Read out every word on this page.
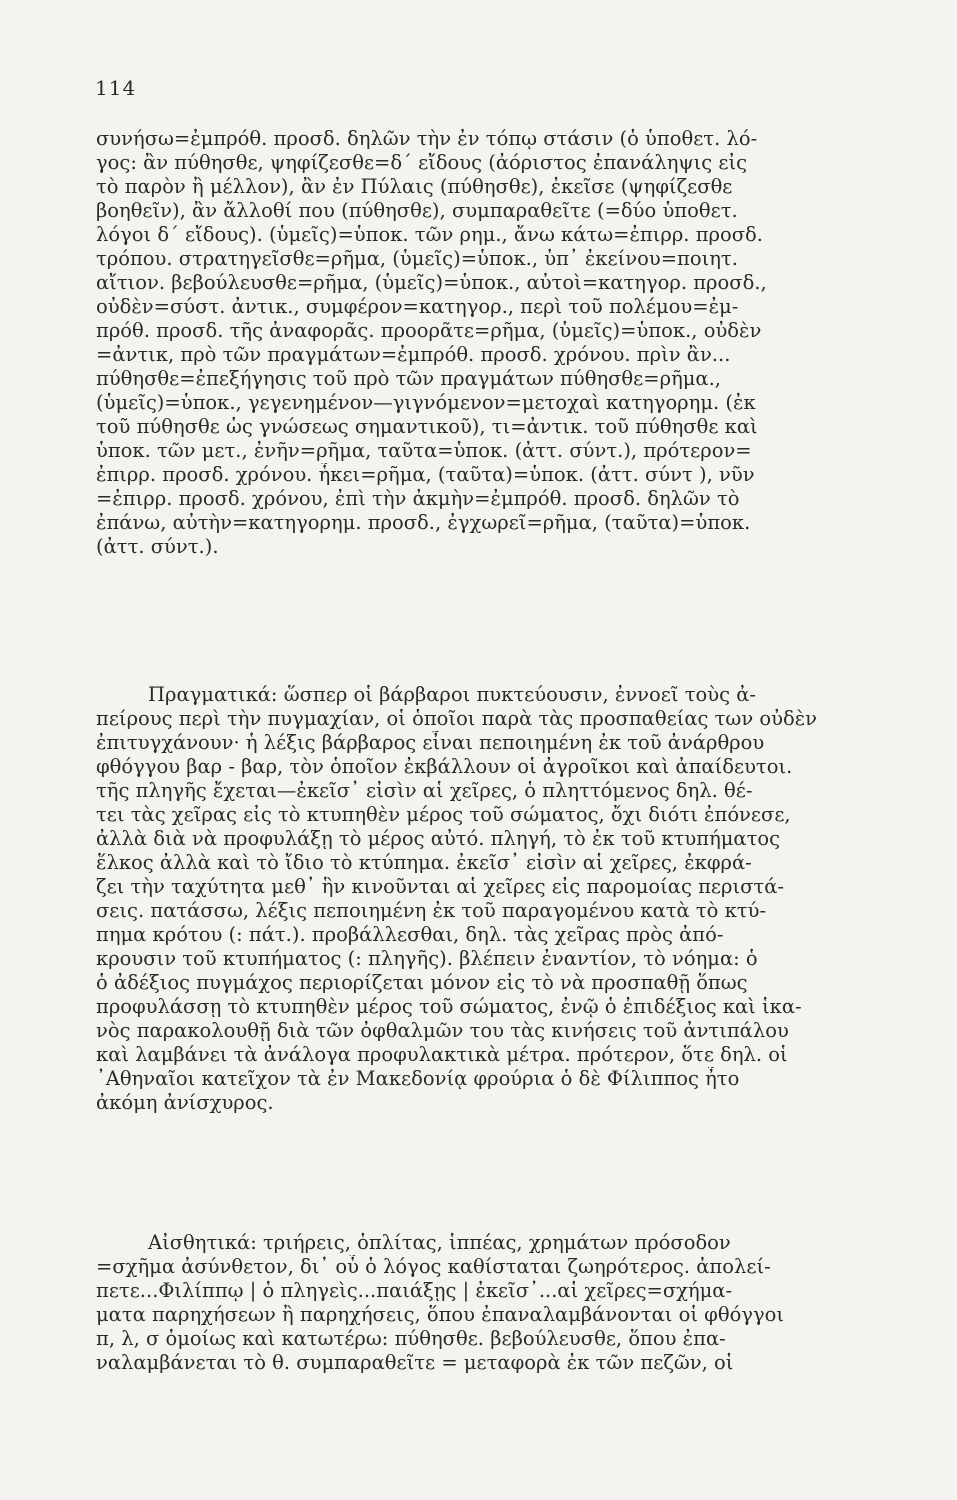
114
συνήσω=ἐμπρόθ. προσδ. δηλῶν τὴν ἐν τόπῳ στάσιν (ὁ ὑποθετ. λό-
γος: ἂν πύθησθε, ψηφίζεσθε=δ΄ εἴδους (ἀόριστος ἐπανάληψις εἰς
τὸ παρὸν ἢ μέλλον), ἂν ἐν Πύλαις (πύθησθε), ἐκεῖσε (ψηφίζεσθε
βοηθεῖν), ἂν ἄλλοθί που (πύθησθε), συμπαραθεῖτε (=δύο ὑποθετ.
λόγοι δ΄ εἴδους). (ὑμεῖς)=ὑποκ. τῶν ρημ., ἄνω κάτω=ἐπιρρ. προσδ.
τρόπου. στρατηγεῖσθε=ρῆμα, (ὑμεῖς)=ὑποκ., ὑπ᾽ ἐκείνου=ποιητ.
αἴτιον. βεβούλευσθε=ρῆμα, (ὑμεῖς)=ὑποκ., αὐτοὶ=κατηγορ. προσδ.,
οὐδὲν=σύστ. ἀντικ., συμφέρον=κατηγορ., περὶ τοῦ πολέμου=ἐμ-
πρόθ. προσδ. τῆς ἀναφορᾶς. προορᾶτε=ρῆμα, (ὑμεῖς)=ὑποκ., οὐδὲν
=ἀντικ, πρὸ τῶν πραγμάτων=ἐμπρόθ. προσδ. χρόνου. πρὶν ἂν...
πύθησθε=ἐπεξήγησις τοῦ πρὸ τῶν πραγμάτων πύθησθε=ρῆμα.,
(ὑμεῖς)=ὑποκ., γεγενημένον—γιγνόμενον=μετοχαὶ κατηγορημ. (ἐκ
τοῦ πύθησθε ὡς γνώσεως σημαντικοῦ), τι=ἀντικ. τοῦ πύθησθε καὶ
ὑποκ. τῶν μετ., ἐνῆν=ρῆμα, ταῦτα=ὑποκ. (ἀττ. σύντ.), πρότερον=
ἐπιρρ. προσδ. χρόνου. ἧκει=ρῆμα, (ταῦτα)=ὑποκ. (ἀττ. σύντ ), νῦν
=ἐπιρρ. προσδ. χρόνου, ἐπὶ τὴν ἀκμὴν=ἐμπρόθ. προσδ. δηλῶν τὸ
ἐπάνω, αὐτὴν=κατηγορημ. προσδ., ἐγχωρεῖ=ρῆμα, (ταῦτα)=ὑποκ.
(ἀττ. σύντ.).
Πραγματικά: ὥσπερ οἱ βάρβαροι πυκτεύουσιν, ἐννοεῖ τοὺς ἀ-
πείρους περὶ τὴν πυγμαχίαν, οἱ ὁποῖοι παρὰ τὰς προσπαθείας των οὐδὲν
ἐπιτυγχάνουν· ἡ λέξις βάρβαρος εἶναι πεποιημένη ἐκ τοῦ ἀνάρθρου
φθόγγου βαρ - βαρ, τὸν ὁποῖον ἐκβάλλουν οἱ ἀγροῖκοι καὶ ἀπαίδευτοι.
τῆς πληγῆς ἔχεται—ἐκεῖσ᾽ εἰσὶν αἱ χεῖρες, ὁ πληττόμενος δηλ. θέ-
τει τὰς χεῖρας εἰς τὸ κτυπηθὲν μέρος τοῦ σώματος, ὄχι διότι ἐπόνεσε,
ἀλλὰ διὰ νὰ προφυλάξῃ τὸ μέρος αὐτό. πληγή, τὸ ἐκ τοῦ κτυπήματος
ἕλκος ἀλλὰ καὶ τὸ ἴδιο τὸ κτύπημα. ἐκεῖσ᾽ εἰσὶν αἱ χεῖρες, ἐκφρά-
ζει τὴν ταχύτητα μεθ᾽ ἣν κινοῦνται αἱ χεῖρες εἰς παρομοίας περιστά-
σεις. πατάσσω, λέξις πεποιημένη ἐκ τοῦ παραγομένου κατὰ τὸ κτύ-
πημα κρότου (: πάτ.). προβάλλεσθαι, δηλ. τὰς χεῖρας πρὸς ἀπό-
κρουσιν τοῦ κτυπήματος (: πληγῆς). βλέπειν ἐναντίον, τὸ νόημα: ὁ
ὁ ἀδέξιος πυγμάχος περιορίζεται μόνον εἰς τὸ νὰ προσπαθῇ ὅπως
προφυλάσσῃ τὸ κτυπηθὲν μέρος τοῦ σώματος, ἐνῷ ὁ ἐπιδέξιος καὶ ἱκα-
νὸς παρακολουθῇ διὰ τῶν ὀφθαλμῶν του τὰς κινήσεις τοῦ ἀντιπάλου
καὶ λαμβάνει τὰ ἀνάλογα προφυλακτικὰ μέτρα. πρότερον, ὅτε δηλ. οἱ
᾽Αθηναῖοι κατεῖχον τὰ ἐν Μακεδονίᾳ φρούρια ὁ δὲ Φίλιππος ἦτο
ἀκόμη ἀνίσχυρος.
Αἰσθητικά: τριήρεις, ὁπλίτας, ἱππέας, χρημάτων πρόσοδον
=σχῆμα ἀσύνθετον, δι᾽ οὗ ὁ λόγος καθίσταται ζωηρότερος. ἀπολεί-
πετε...Φιλίππῳ | ὁ πληγεὶς...παιάξῃς | ἐκεῖσ᾽...αἱ χεῖρες=σχήμα-
ματα παρηχήσεων ἢ παρηχήσεις, ὅπου ἐπαναλαμβάνονται οἱ φθόγγοι
π, λ, σ ὁμοίως καὶ κατωτέρω: πύθησθε. βεβούλευσθε, ὅπου ἐπα-
ναλαμβάνεται τὸ θ. συμπαραθεῖτε = μεταφορὰ ἐκ τῶν πεζῶν, οἱ
